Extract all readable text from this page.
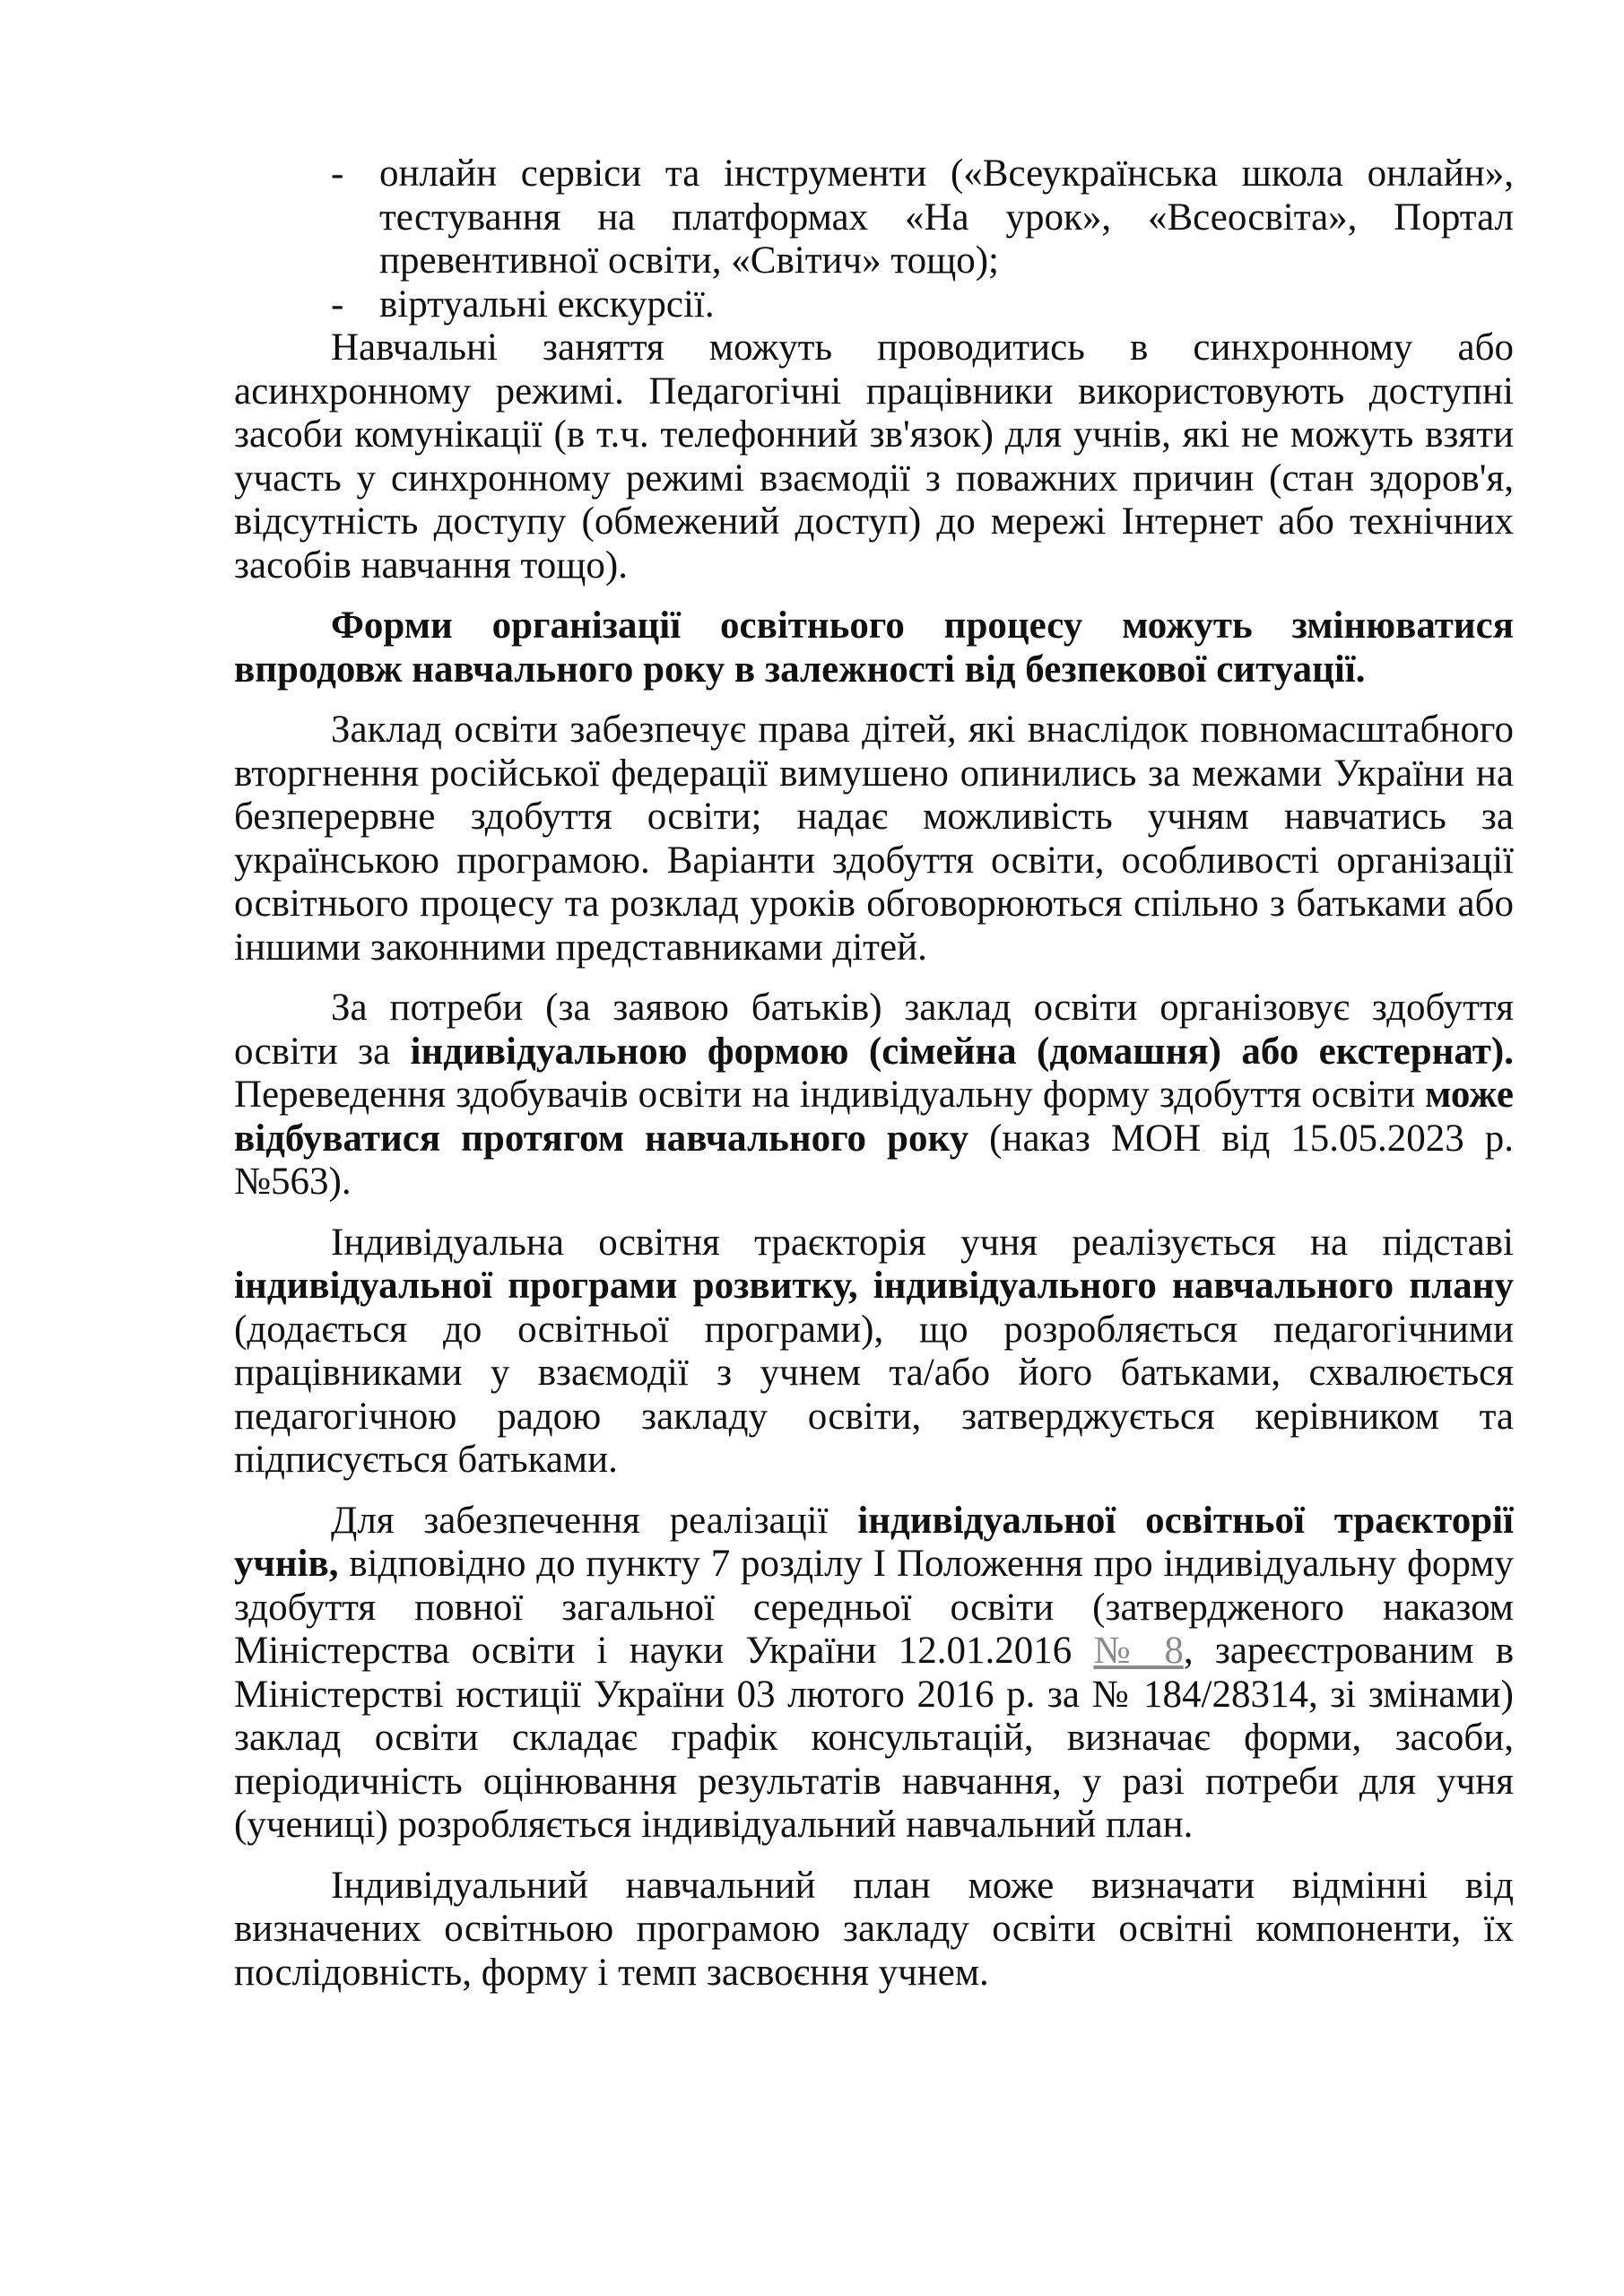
- онлайн сервіси та інструменти («Всеукраїнська школа онлайн», тестування на платформах «На урок», «Всеосвіта», Портал превентивної освіти, «Світич» тощо);
- віртуальні екскурсії.

Навчальні заняття можуть проводитись в синхронному або асинхронному режимі. Педагогічні працівники використовують доступні засоби комунікації (в т.ч. телефонний зв'язок) для учнів, які не можуть взяти участь у синхронному режимі взаємодії з поважних причин (стан здоров'я, відсутність доступу (обмежений доступ) до мережі Інтернет або технічних засобів навчання тощо).

Форми організації освітнього процесу можуть змінюватися впродовж навчального року в залежності від безпекової ситуації.

Заклад освіти забезпечує права дітей, які внаслідок повномасштабного вторгнення російської федерації вимушено опинились за межами України на безперервне здобуття освіти; надає можливість учням навчатись за українською програмою. Варіанти здобуття освіти, особливості організації освітнього процесу та розклад уроків обговорюються спільно з батьками або іншими законними представниками дітей.

За потреби (за заявою батьків) заклад освіти організовує здобуття освіти за індивідуальною формою (сімейна (домашня) або екстернат). Переведення здобувачів освіти на індивідуальну форму здобуття освіти може відбуватися протягом навчального року (наказ МОН від 15.05.2023 р. №563).

Індивідуальна освітня траєкторія учня реалізується на підставі індивідуальної програми розвитку, індивідуального навчального плану (додається до освітньої програми), що розробляється педагогічними працівниками у взаємодії з учнем та/або його батьками, схвалюється педагогічною радою закладу освіти, затверджується керівником та підписується батьками.

Для забезпечення реалізації індивідуальної освітньої траєкторії учнів, відповідно до пункту 7 розділу I Положення про індивідуальну форму здобуття повної загальної середньої освіти (затвердженого наказом Міністерства освіти і науки України 12.01.2016 № 8, зареєстрованим в Міністерстві юстиції України 03 лютого 2016 р. за № 184/28314, зі змінами) заклад освіти складає графік консультацій, визначає форми, засоби, періодичність оцінювання результатів навчання, у разі потреби для учня (учениці) розробляється індивідуальний навчальний план.

Індивідуальний навчальний план може визначати відмінні від визначених освітньою програмою закладу освіти освітні компоненти, їх послідовність, форму і темп засвоєння учнем.
